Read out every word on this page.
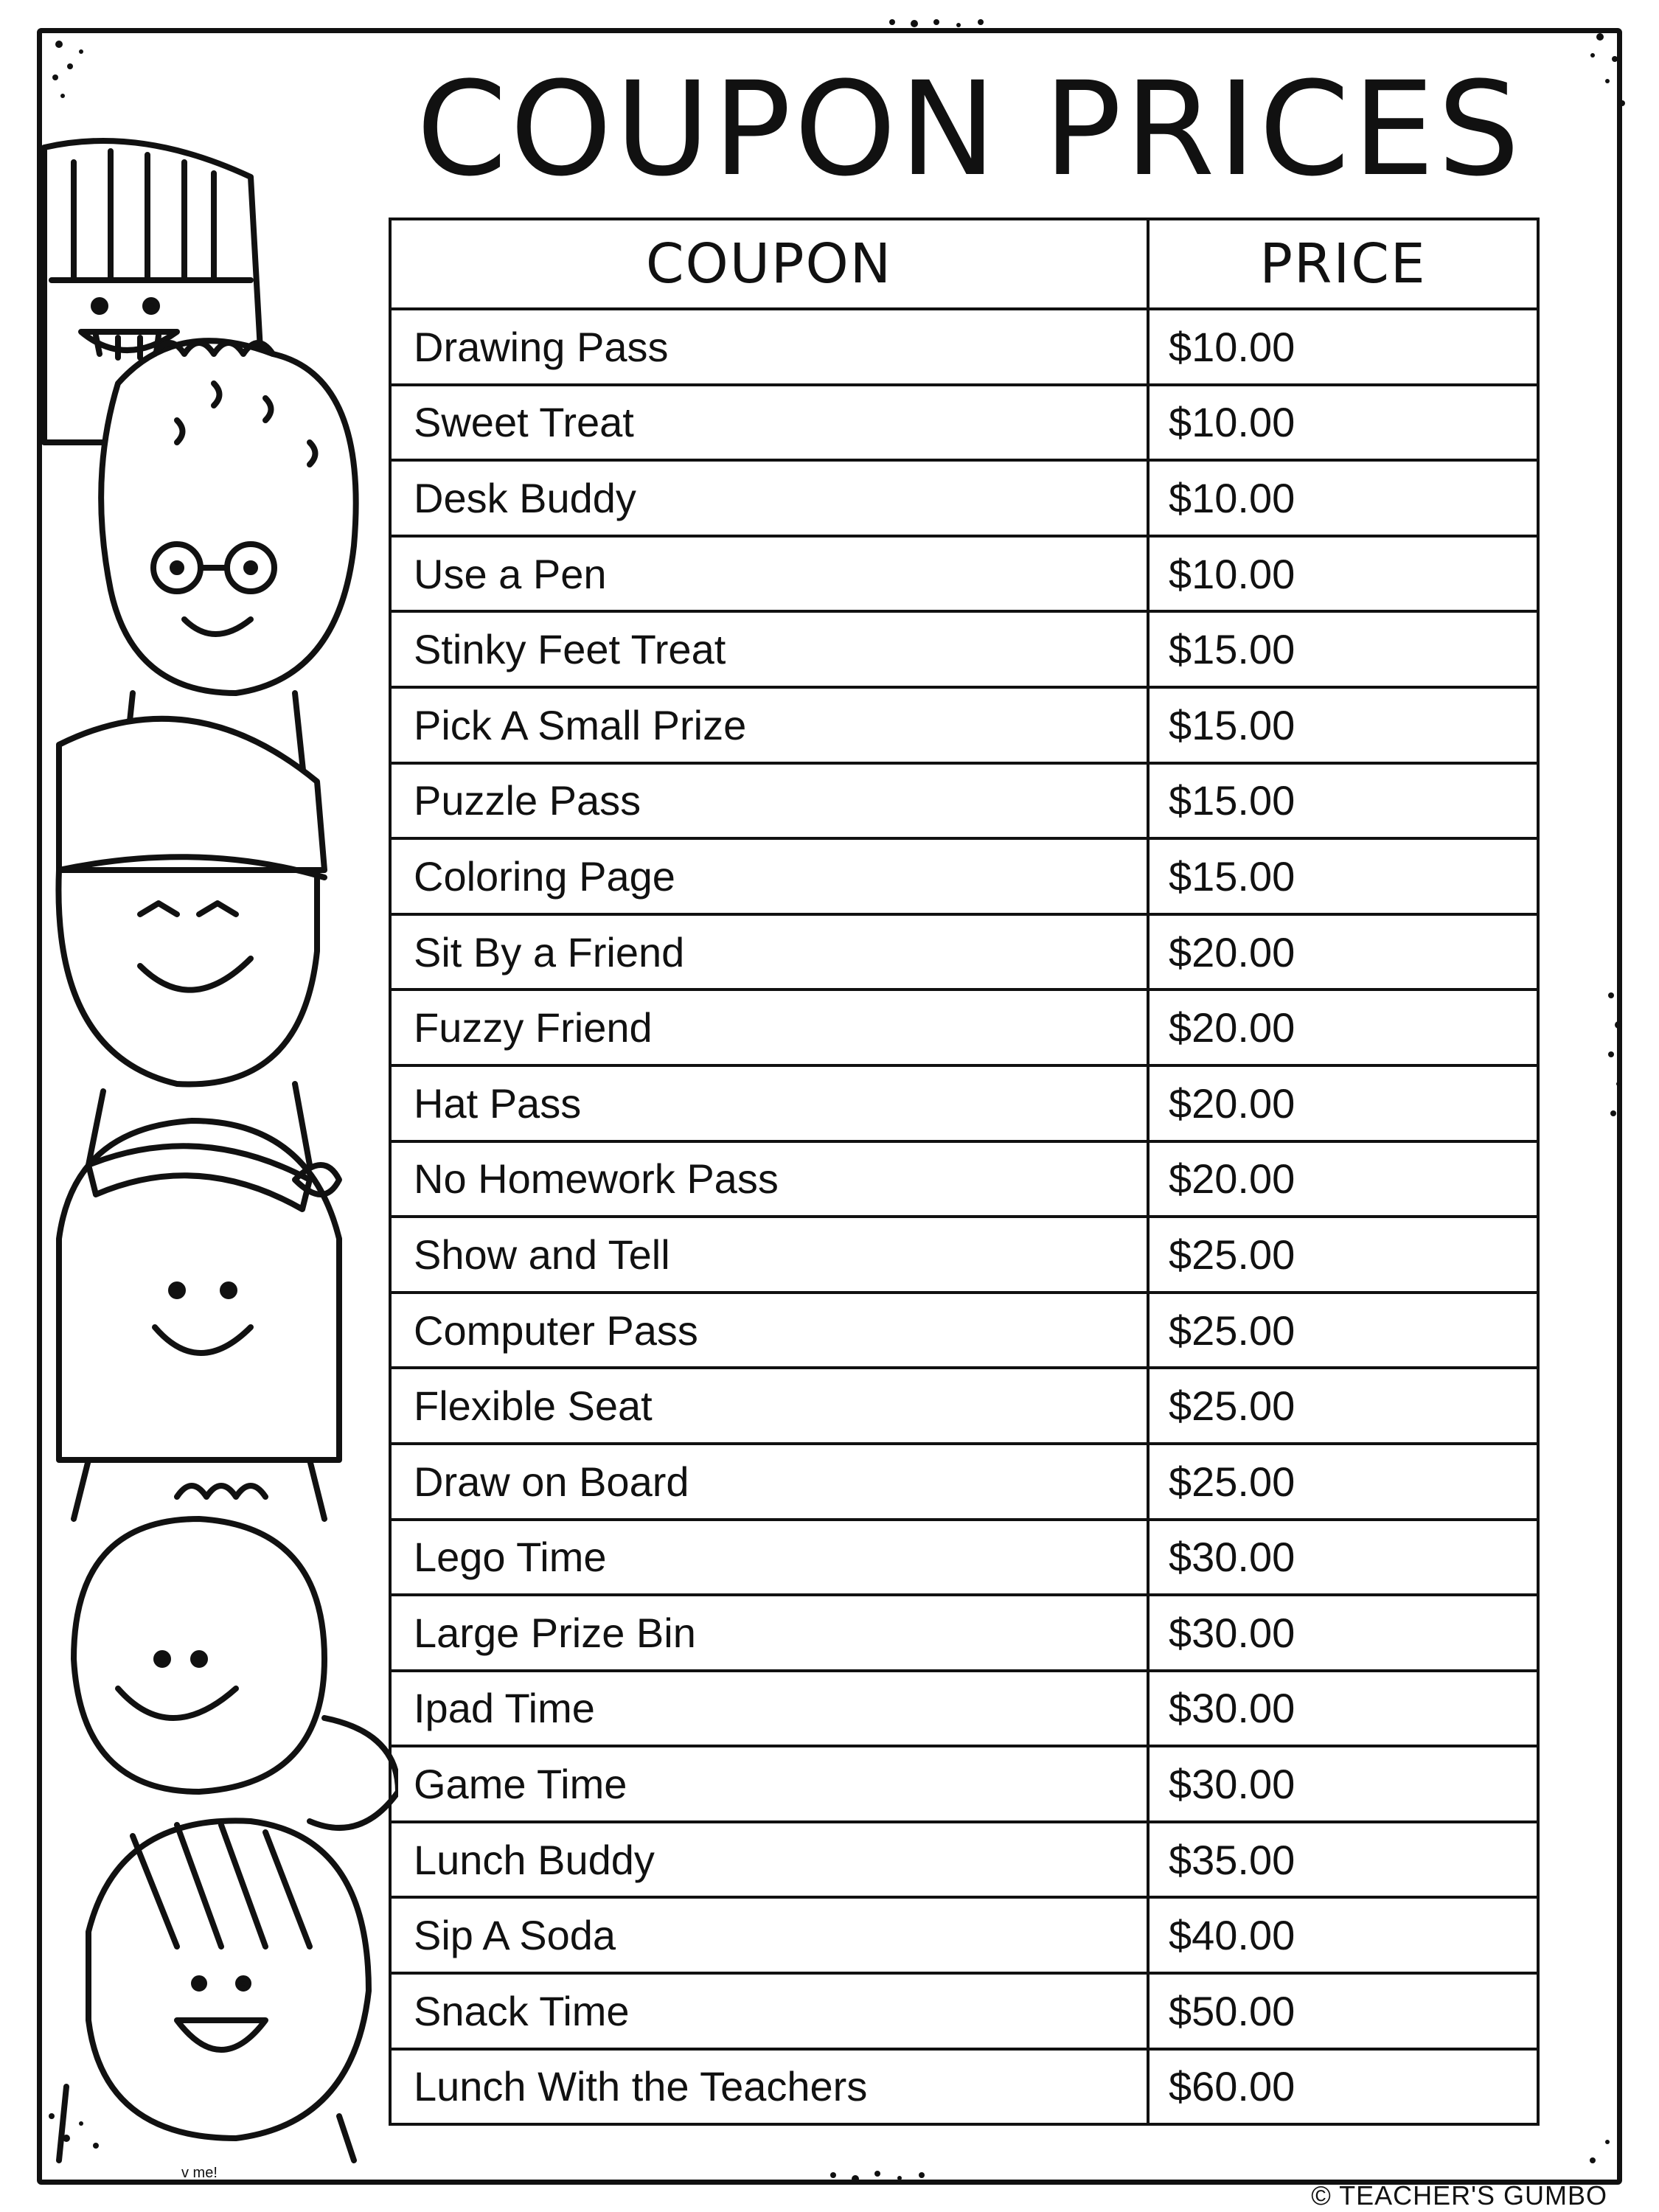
COUPON PRICES
COUPON	PRICE
Drawing Pass	$10.00
Sweet Treat	$10.00
Desk Buddy	$10.00
Use a Pen	$10.00
Stinky Feet Treat	$15.00
Pick A Small Prize	$15.00
Puzzle Pass	$15.00
Coloring Page	$15.00
Sit By a Friend	$20.00
Fuzzy Friend	$20.00
Hat Pass	$20.00
No Homework Pass	$20.00
Show and Tell	$25.00
Computer Pass	$25.00
Flexible Seat	$25.00
Draw on Board	$25.00
Lego Time	$30.00
Large Prize Bin	$30.00
Ipad Time	$30.00
Game Time	$30.00
Lunch Buddy	$35.00
Sip A Soda	$40.00
Snack Time	$50.00
Lunch With the Teachers	$60.00
v me!
© TEACHER'S GUMBO
